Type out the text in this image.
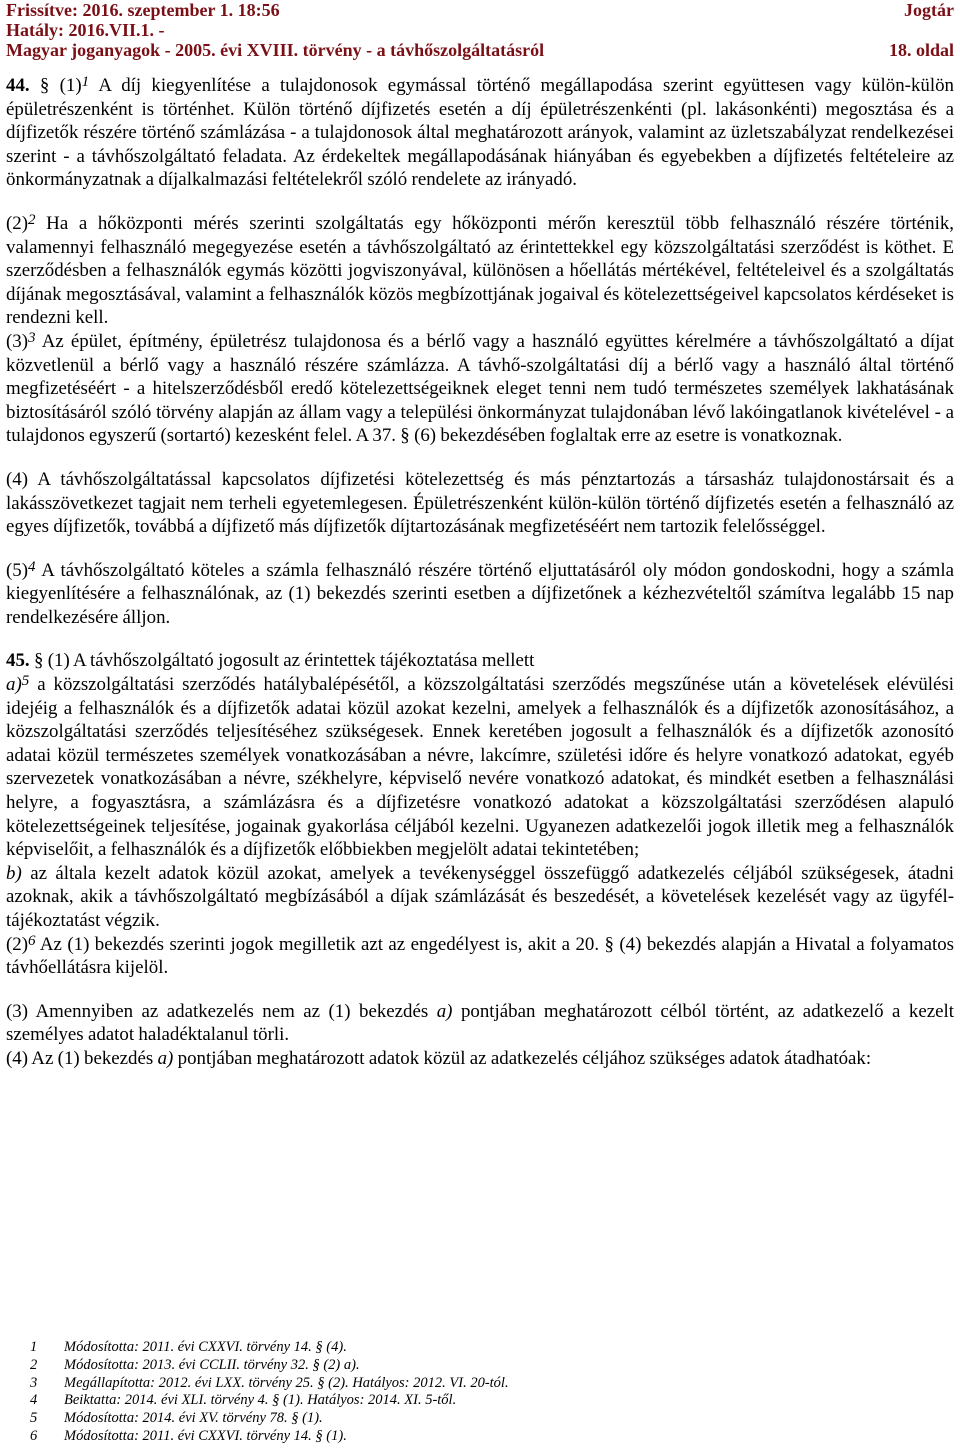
Frissítve: 2016. szeptember 1. 18:56	Jogtár
Hatály: 2016.VII.1. -
Magyar joganyagok - 2005. évi XVIII. törvény - a távhőszolgáltatásról	18. oldal

44. § $(1)^1$ A díj kiegyenlítése a tulajdonosok egymással történő megállapodása szerint együttesen vagy külön-külön épületrészenként is történhet. Külön történő díjfizetés esetén a díj épületrészenkénti (pl. lakásonkénti) megosztása és a díjfizetők részére történő számlázása - a tulajdonosok által meghatározott arányok, valamint az üzletszabályzat rendelkezései szerint - a távhőszolgáltató feladata. Az érdekeltek megállapodásának hiányában és egyebekben a díjfizetés feltételeire az önkormányzatnak a díjalkalmazási feltételekről szóló rendelete az irányadó.

$(2)^2$ Ha a hőközponti mérés szerinti szolgáltatás egy hőközponti mérőn keresztül több felhasználó részére történik, valamennyi felhasználó megegyezése esetén a távhőszolgáltató az érintettekkel egy közszolgáltatási szerződést is köthet. E szerződésben a felhasználók egymás közötti jogviszonyával, különösen a hőellátás mértékével, feltételeivel és a szolgáltatás díjának megosztásával, valamint a felhasználók közös megbízottjának jogaival és kötelezettségeivel kapcsolatos kérdéseket is rendezni kell.

$(3)^3$ Az épület, építmény, épületrész tulajdonosa és a bérlő vagy a használó együttes kérelmére a távhőszolgáltató a díjat közvetlenül a bérlő vagy a használó részére számlázza. A távhő-szolgáltatási díj a bérlő vagy a használó által történő megfizetéséért - a hitelszerződésből eredő kötelezettségeiknek eleget tenni nem tudó természetes személyek lakhatásának biztosításáról szóló törvény alapján az állam vagy a települési önkormányzat tulajdonában lévő lakóingatlanok kivételével - a tulajdonos egyszerű (sortartó) kezesként felel. A 37. § (6) bekezdésében foglaltak erre az esetre is vonatkoznak.

(4) A távhőszolgáltatással kapcsolatos díjfizetési kötelezettség és más pénztartozás a társasház tulajdonostársait és a lakásszövetkezet tagjait nem terheli egyetemlegesen. Épületrészenként külön-külön történő díjfizetés esetén a felhasználó az egyes díjfizetők, továbbá a díjfizető más díjfizetők díjtartozásának megfizetéséért nem tartozik felelősséggel.

$(5)^4$ A távhőszolgáltató köteles a számla felhasználó részére történő eljuttatásáról oly módon gondoskodni, hogy a számla kiegyenlítésére a felhasználónak, az (1) bekezdés szerinti esetben a díjfizetőnek a kézhezvételtől számítva legalább 15 nap rendelkezésére álljon.

45. § (1) A távhőszolgáltató jogosult az érintettek tájékoztatása mellett

a)$^5$ a közszolgáltatási szerződés hatálybalépésétől, a közszolgáltatási szerződés megszűnése után a követelések elévülési idejéig a felhasználók és a díjfizetők adatai közül azokat kezelni, amelyek a felhasználók és a díjfizetők azonosításához, a közszolgáltatási szerződés teljesítéséhez szükségesek. Ennek keretében jogosult a felhasználók és a díjfizetők azonosító adatai közül természetes személyek vonatkozásában a névre, lakcímre, születési időre és helyre vonatkozó adatokat, egyéb szervezetek vonatkozásában a névre, székhelyre, képviselő nevére vonatkozó adatokat, és mindkét esetben a felhasználási helyre, a fogyasztásra, a számlázásra és a díjfizetésre vonatkozó adatokat a közszolgáltatási szerződésen alapuló kötelezettségeinek teljesítése, jogainak gyakorlása céljából kezelni. Ugyanezen adatkezelői jogok illetik meg a felhasználók képviselőit, a felhasználók és a díjfizetők előbbiekben megjelölt adatai tekintetében;

b) az általa kezelt adatok közül azokat, amelyek a tevékenységgel összefüggő adatkezelés céljából szükségesek, átadni azoknak, akik a távhőszolgáltató megbízásából a díjak számlázását és beszedését, a követelések kezelését vagy az ügyfél-tájékoztatást végzik.

$(2)^6$ Az (1) bekezdés szerinti jogok megilletik azt az engedélyest is, akit a 20. § (4) bekezdés alapján a Hivatal a folyamatos távhőellátásra kijelöl.

(3) Amennyiben az adatkezelés nem az (1) bekezdés a) pontjában meghatározott célból történt, az adatkezelő a kezelt személyes adatot haladéktalanul törli.

(4) Az (1) bekezdés a) pontjában meghatározott adatok közül az adatkezelés céljához szükséges adatok átadhatóak:

1 Módosította: 2011. évi CXXVI. törvény 14. § (4).
2 Módosította: 2013. évi CCLII. törvény 32. § (2) a).
3 Megállapította: 2012. évi LXX. törvény 25. § (2). Hatályos: 2012. VI. 20-tól.
4 Beiktatta: 2014. évi XLI. törvény 4. § (1). Hatályos: 2014. XI. 5-től.
5 Módosította: 2014. évi XV. törvény 78. § (1).
6 Módosította: 2011. évi CXXVI. törvény 14. § (1).
